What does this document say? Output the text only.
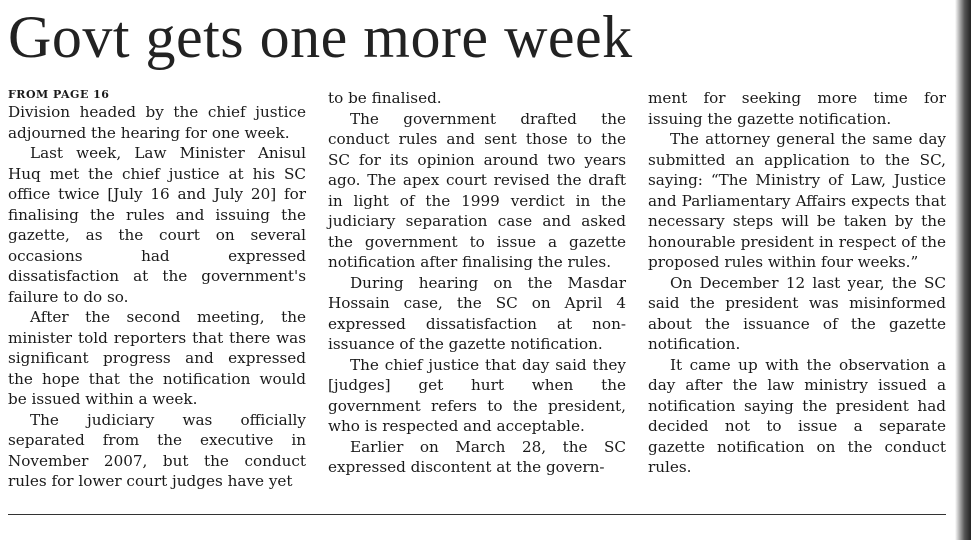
Govt gets one more week

FROM PAGE 16

Division headed by the chief justice adjourned the hearing for one week.

Last week, Law Minister Anisul Huq met the chief justice at his SC office twice [July 16 and July 20] for finalising the rules and issuing the gazette, as the court on several occasions had expressed dissatisfaction at the government's failure to do so.

After the second meeting, the minister told reporters that there was significant progress and expressed the hope that the notification would be issued within a week.

The judiciary was officially separated from the executive in November 2007, but the conduct rules for lower court judges have yet

to be finalised.

The government drafted the conduct rules and sent those to the SC for its opinion around two years ago. The apex court revised the draft in light of the 1999 verdict in the judiciary separation case and asked the government to issue a gazette notification after finalising the rules.

During hearing on the Masdar Hossain case, the SC on April 4 expressed dissatisfaction at non-issuance of the gazette notification.

The chief justice that day said they [judges] get hurt when the government refers to the president, who is respected and acceptable.

Earlier on March 28, the SC expressed discontent at the govern-

ment for seeking more time for issuing the gazette notification.

The attorney general the same day submitted an application to the SC, saying: “The Ministry of Law, Justice and Parliamentary Affairs expects that necessary steps will be taken by the honourable president in respect of the proposed rules within four weeks.”

On December 12 last year, the SC said the president was misinformed about the issuance of the gazette notification.

It came up with the observation a day after the law ministry issued a notification saying the president had decided not to issue a separate gazette notification on the conduct rules.
